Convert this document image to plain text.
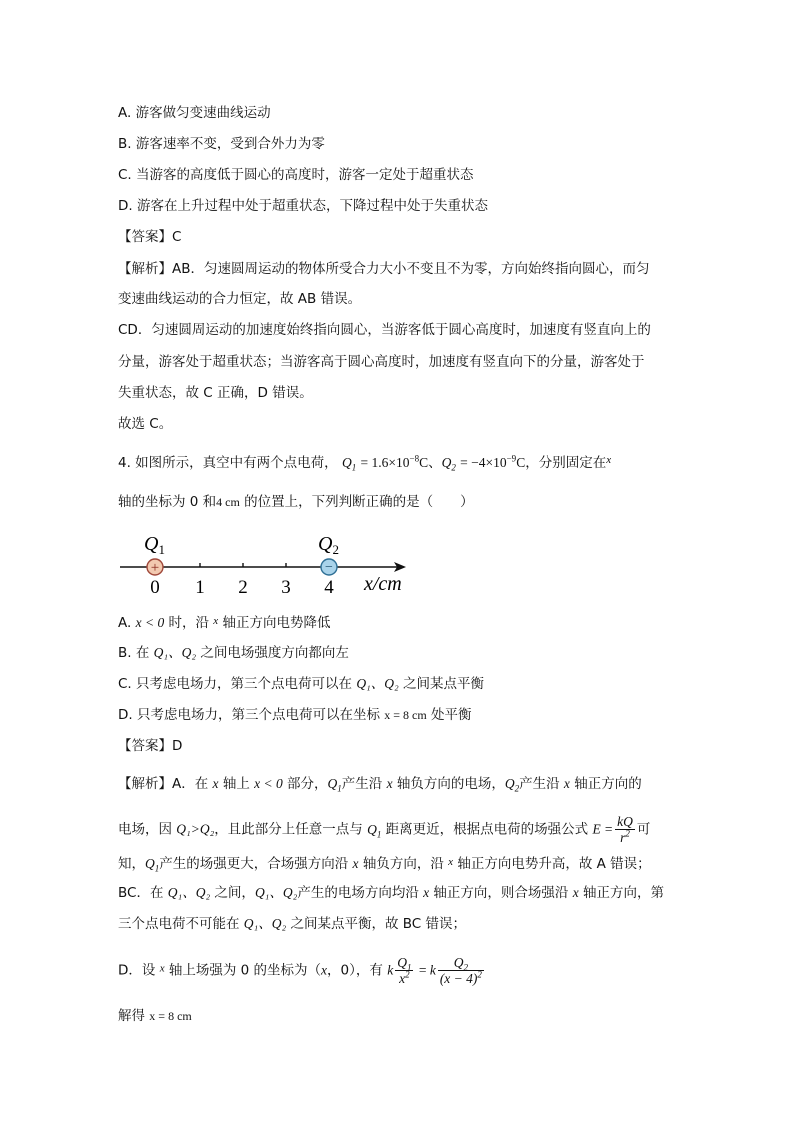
A. 游客做匀变速曲线运动
B. 游客速率不变，受到合外力为零
C. 当游客的高度低于圆心的高度时，游客一定处于超重状态
D. 游客在上升过程中处于超重状态，下降过程中处于失重状态
【答案】C
【解析】AB．匀速圆周运动的物体所受合力大小不变且不为零，方向始终指向圆心，而匀
变速曲线运动的合力恒定，故 AB 错误。
CD．匀速圆周运动的加速度始终指向圆心，当游客低于圆心高度时，加速度有竖直向上的
分量，游客处于超重状态；当游客高于圆心高度时，加速度有竖直向下的分量，游客处于
失重状态，故 C 正确，D 错误。
故选 C。
4. 如图所示，真空中有两个点电荷， $Q_1 = 1.6\times 10^{-8}C$、$Q_2 = -4\times 10^{-9}C$，分别固定在$^x$
轴的坐标为 0 和4 cm 的位置上，下列判断正确的是（　　）
$Q_1$	$Q_2$
+	−
0 1 2 3 4 x/cm
A. x < 0 时，沿 $^x$ 轴正方向电势降低
B. 在 Q₁、Q₂ 之间电场强度方向都向左
C. 只考虑电场力，第三个点电荷可以在 Q₁、Q₂ 之间某点平衡
D. 只考虑电场力，第三个点电荷可以在坐标 x = 8 cm 处平衡
【答案】D
【解析】A．在 x 轴上 x < 0 部分，$Q_1$产生沿 x 轴负方向的电场，$Q_2$产生沿 x 轴正方向的
电场，因 Q₁>Q₂，且此部分上任意一点与 $Q_1$ 距离更近，根据点电荷的场强公式 $E = \frac{kQ}{r^2}$ 可
知，$Q_1$产生的场强更大，合场强方向沿 x 轴负方向，沿 $^x$ 轴正方向电势升高，故 A 错误；
BC．在 Q₁、Q₂ 之间，Q₁、Q₂产生的电场方向均沿 x 轴正方向，则合场强沿 x 轴正方向，第
三个点电荷不可能在 Q₁、Q₂ 之间某点平衡，故 BC 错误；
D．设 $^x$ 轴上场强为 0 的坐标为（x，0），有 k $\frac{Q_1}{x^2} = k \frac{Q_2}{(x - 4)^2}$
解得 x = 8 cm
